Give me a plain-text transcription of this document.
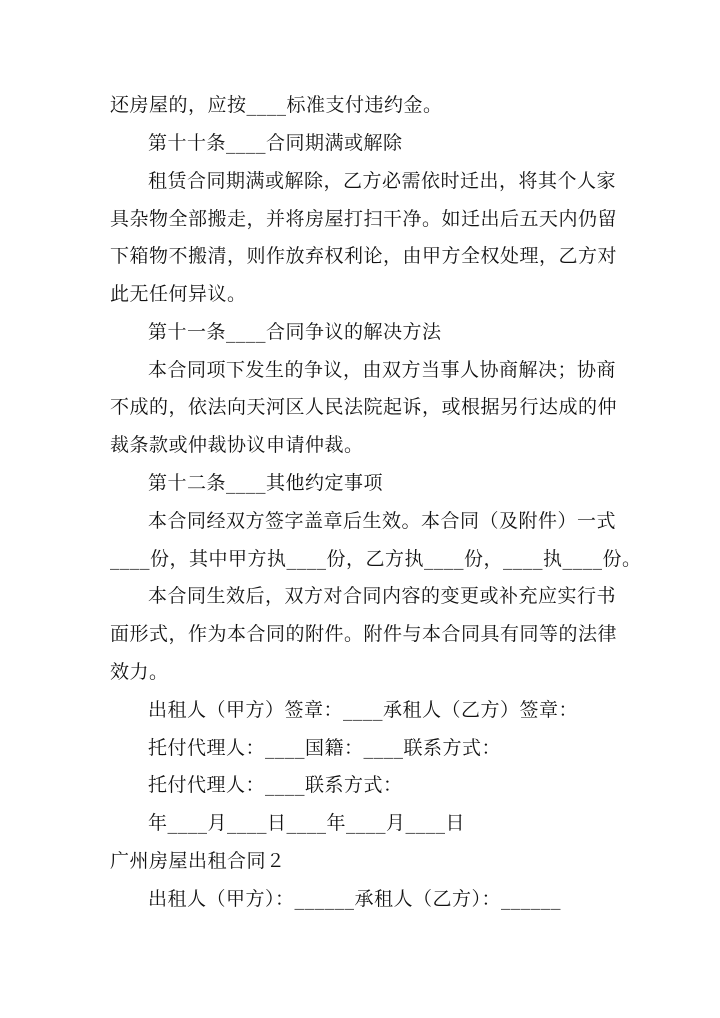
还房屋的，应按____标准支付违约金。
第十十条____合同期满或解除
租赁合同期满或解除，乙方必需依时迁出，将其个人家
具杂物全部搬走，并将房屋打扫干净。如迁出后五天内仍留
下箱物不搬清，则作放弃权利论，由甲方全权处理，乙方对
此无任何异议。
第十一条____合同争议的解决方法
本合同项下发生的争议，由双方当事人协商解决；协商
不成的，依法向天河区人民法院起诉，或根据另行达成的仲
裁条款或仲裁协议申请仲裁。
第十二条____其他约定事项
本合同经双方签字盖章后生效。本合同（及附件）一式
____份，其中甲方执____份，乙方执____份，____执____份。
本合同生效后，双方对合同内容的变更或补充应实行书
面形式，作为本合同的附件。附件与本合同具有同等的法律
效力。
出租人（甲方）签章：____承租人（乙方）签章：
托付代理人：____国籍：____联系方式：
托付代理人：____联系方式：
年____月____日____年____月____日
广州房屋出租合同２
出租人（甲方）：______承租人（乙方）：______
